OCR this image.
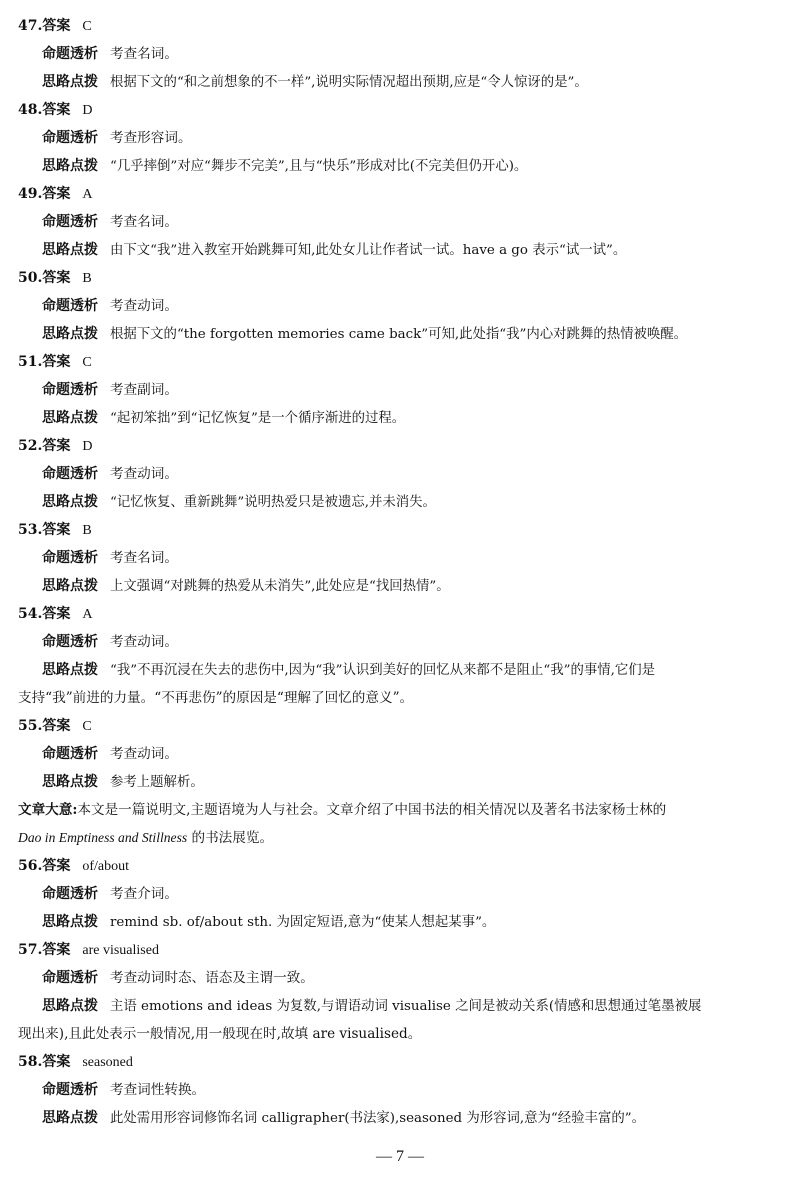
47.答案 C
命题透析 考查名词。
思路点拨 根据下文的“和之前想象的不一样”,说明实际情况超出预期,应是“令人惊讶的是”。
48.答案 D
命题透析 考查形容词。
思路点拨 “几乎摔倒”对应“舞步不完美”,且与“快乐”形成对比(不完美但仍开心)。
49.答案 A
命题透析 考查名词。
思路点拨 由下文“我”进入教室开始跳舞可知,此处女儿让作者试一试。have a go 表示“试一试”。
50.答案 B
命题透析 考查动词。
思路点拨 根据下文的“the forgotten memories came back”可知,此处指“我”内心对跳舞的热情被唤醒。
51.答案 C
命题透析 考查副词。
思路点拨 “起初笨拙”到“记忆恢复”是一个循序渐进的过程。
52.答案 D
命题透析 考查动词。
思路点拨 “记忆恢复、重新跳舞”说明热爱只是被遗忘,并未消失。
53.答案 B
命题透析 考查名词。
思路点拨 上文强调“对跳舞的热爱从未消失”,此处应是“找回热情”。
54.答案 A
命题透析 考查动词。
思路点拨 “我”不再沉浸在失去的悲伤中,因为“我”认识到美好的回忆从来都不是阻止“我”的事情,它们是
支持“我”前进的力量。“不再悲伤”的原因是“理解了回忆的意义”。
55.答案 C
命题透析 考查动词。
思路点拨 参考上题解析。
文章大意:本文是一篇说明文,主题语境为人与社会。文章介绍了中国书法的相关情况以及著名书法家杨士林的
Dao in Emptiness and Stillness 的书法展览。
56.答案 of/about
命题透析 考查介词。
思路点拨 remind sb. of/about sth. 为固定短语,意为“使某人想起某事”。
57.答案 are visualised
命题透析 考查动词时态、语态及主谓一致。
思路点拨 主语 emotions and ideas 为复数,与谓语动词 visualise 之间是被动关系(情感和思想通过笔墨被展
现出来),且此处表示一般情况,用一般现在时,故填 are visualised。
58.答案 seasoned
命题透析 考查词性转换。
思路点拨 此处需用形容词修饰名词 calligrapher(书法家),seasoned 为形容词,意为“经验丰富的”。
— 7 —
